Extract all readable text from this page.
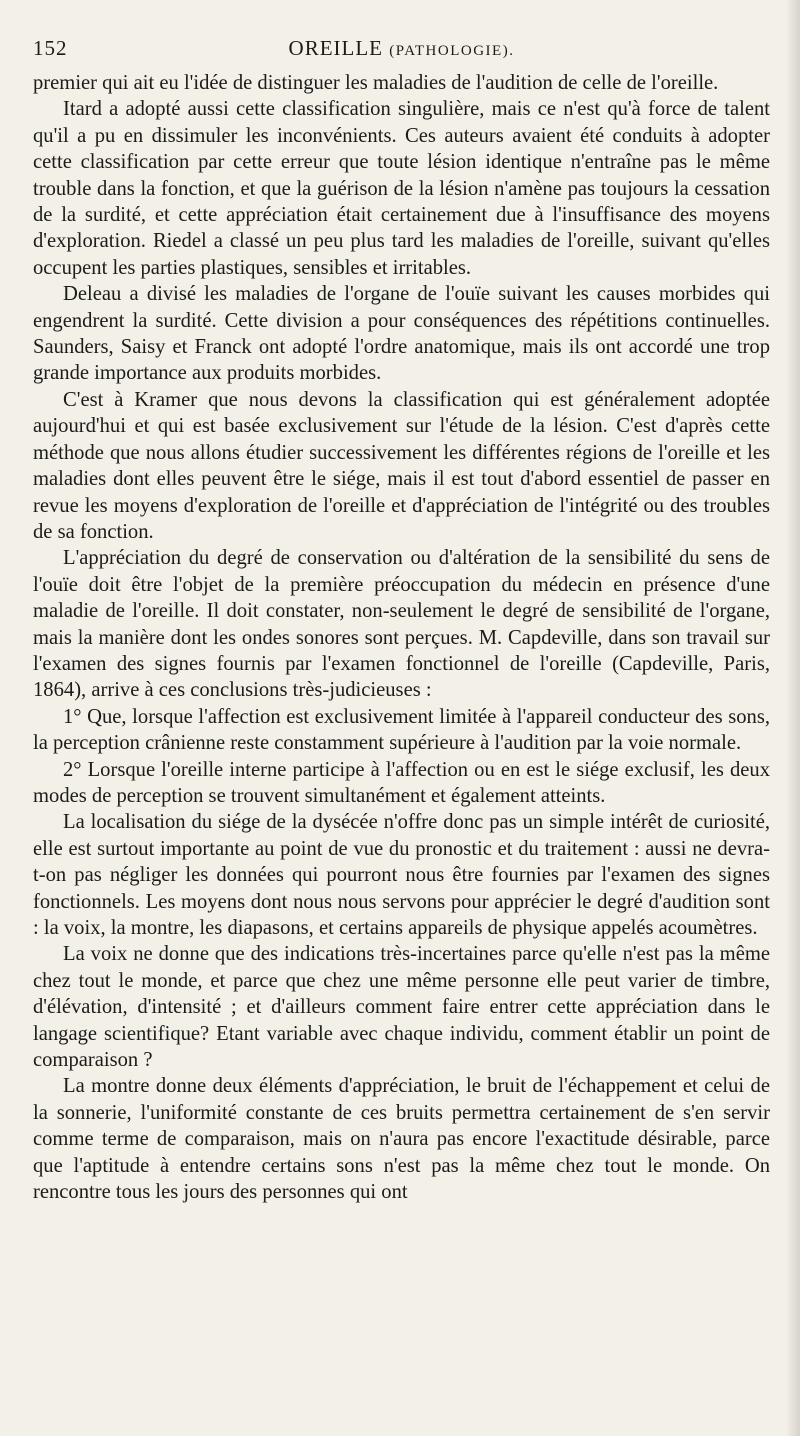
152	OREILLE (PATHOLOGIE).

premier qui ait eu l'idée de distinguer les maladies de l'audition de celle de l'oreille.

Itard a adopté aussi cette classification singulière, mais ce n'est qu'à force de talent qu'il a pu en dissimuler les inconvénients. Ces auteurs avaient été conduits à adopter cette classification par cette erreur que toute lésion identique n'entraîne pas le même trouble dans la fonction, et que la guérison de la lésion n'amène pas toujours la cessation de la surdité, et cette appréciation était certainement due à l'insuffisance des moyens d'exploration. Riedel a classé un peu plus tard les maladies de l'oreille, suivant qu'elles occupent les parties plastiques, sensibles et irritables.

Deleau a divisé les maladies de l'organe de l'ouïe suivant les causes morbides qui engendrent la surdité. Cette division a pour conséquences des répétitions continuelles. Saunders, Saisy et Franck ont adopté l'ordre anatomique, mais ils ont accordé une trop grande importance aux produits morbides.

C'est à Kramer que nous devons la classification qui est généralement adoptée aujourd'hui et qui est basée exclusivement sur l'étude de la lésion. C'est d'après cette méthode que nous allons étudier successivement les différentes régions de l'oreille et les maladies dont elles peuvent être le siége, mais il est tout d'abord essentiel de passer en revue les moyens d'exploration de l'oreille et d'appréciation de l'intégrité ou des troubles de sa fonction.

L'appréciation du degré de conservation ou d'altération de la sensibilité du sens de l'ouïe doit être l'objet de la première préoccupation du médecin en présence d'une maladie de l'oreille. Il doit constater, non-seulement le degré de sensibilité de l'organe, mais la manière dont les ondes sonores sont perçues. M. Capdeville, dans son travail sur l'examen des signes fournis par l'examen fonctionnel de l'oreille (Capdeville, Paris, 1864), arrive à ces conclusions très-judicieuses :

1° Que, lorsque l'affection est exclusivement limitée à l'appareil conducteur des sons, la perception crânienne reste constamment supérieure à l'audition par la voie normale.

2° Lorsque l'oreille interne participe à l'affection ou en est le siége exclusif, les deux modes de perception se trouvent simultanément et également atteints.

La localisation du siége de la dysécée n'offre donc pas un simple intérêt de curiosité, elle est surtout importante au point de vue du pronostic et du traitement : aussi ne devra-t-on pas négliger les données qui pourront nous être fournies par l'examen des signes fonctionnels. Les moyens dont nous nous servons pour apprécier le degré d'audition sont : la voix, la montre, les diapasons, et certains appareils de physique appelés acoumètres.

La voix ne donne que des indications très-incertaines parce qu'elle n'est pas la même chez tout le monde, et parce que chez une même personne elle peut varier de timbre, d'élévation, d'intensité ; et d'ailleurs comment faire entrer cette appréciation dans le langage scientifique? Etant variable avec chaque individu, comment établir un point de comparaison ?

La montre donne deux éléments d'appréciation, le bruit de l'échappement et celui de la sonnerie, l'uniformité constante de ces bruits permettra certainement de s'en servir comme terme de comparaison, mais on n'aura pas encore l'exactitude désirable, parce que l'aptitude à entendre certains sons n'est pas la même chez tout le monde. On rencontre tous les jours des personnes qui ont
